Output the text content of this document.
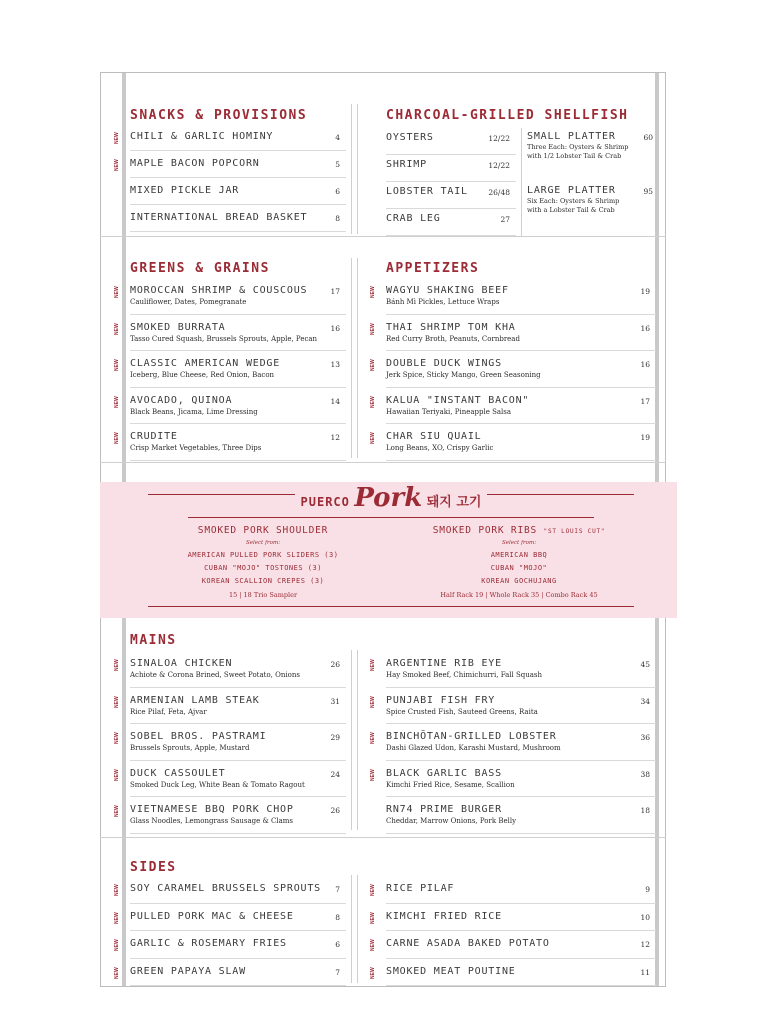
SNACKS & PROVISIONS
NEW CHILI & GARLIC HOMINY	4
NEW MAPLE BACON POPCORN	5
MIXED PICKLE JAR	6
INTERNATIONAL BREAD BASKET	8
CHARCOAL-GRILLED SHELLFISH
OYSTERS	12/22
SHRIMP	12/22
LOBSTER TAIL	26/48
CRAB LEG	27
SMALL PLATTER	60
Three Each: Oysters & Shrimp
with 1/2 Lobster Tail & Crab
LARGE PLATTER	95
Six Each: Oysters & Shrimp
with a Lobster Tail & Crab
GREENS & GRAINS
NEW MOROCCAN SHRIMP & COUSCOUS
Cauliflower, Dates, Pomegranate
17
NEW SMOKED BURRATA
Tasso Cured Squash, Brussels Sprouts, Apple, Pecan
16
NEW CLASSIC AMERICAN WEDGE
Iceberg, Blue Cheese, Red Onion, Bacon
13
NEW AVOCADO, QUINOA
Black Beans, Jicama, Lime Dressing
14
NEW CRUDITE
Crisp Market Vegetables, Three Dips
12
APPETIZERS
NEW WAGYU SHAKING BEEF
Bánh Mì Pickles, Lettuce Wraps
19
NEW THAI SHRIMP TOM KHA
Red Curry Broth, Peanuts, Cornbread
16
NEW DOUBLE DUCK WINGS
Jerk Spice, Sticky Mango, Green Seasoning
16
NEW KALUA "INSTANT BACON"
Hawaiian Teriyaki, Pineapple Salsa
17
NEW CHAR SIU QUAIL
Long Beans, XO, Crispy Garlic
19
PUERCO Pork 돼지 고기
SMOKED PORK SHOULDER
Select from:
AMERICAN PULLED PORK SLIDERS (3)
CUBAN "MOJO" TOSTONES (3)
KOREAN SCALLION CREPES (3)
15 | 18 Trio Sampler
SMOKED PORK RIBS "ST LOUIS CUT"
Select from:
AMERICAN BBQ
CUBAN "MOJO"
KOREAN GOCHUJANG
Half Rack 19 | Whole Rack 35 | Combo Rack 45
MAINS
NEW SINALOA CHICKEN
Achiote & Corona Brined, Sweet Potato, Onions
26
NEW ARMENIAN LAMB STEAK
Rice Pilaf, Feta, Ajvar
31
NEW SOBEL BROS. PASTRAMI
Brussels Sprouts, Apple, Mustard
29
NEW DUCK CASSOULET
Smoked Duck Leg, White Bean & Tomato Ragout
24
NEW VIETNAMESE BBQ PORK CHOP
Glass Noodles, Lemongrass Sausage & Clams
26
NEW ARGENTINE RIB EYE
Hay Smoked Beef, Chimichurri, Fall Squash
45
NEW PUNJABI FISH FRY
Spice Crusted Fish, Sauteed Greens, Raita
34
NEW BINCHŌTAN-GRILLED LOBSTER
Dashi Glazed Udon, Karashi Mustard, Mushroom
36
NEW BLACK GARLIC BASS
Kimchi Fried Rice, Sesame, Scallion
38
RN74 PRIME BURGER
Cheddar, Marrow Onions, Pork Belly
18
SIDES
NEW SOY CARAMEL BRUSSELS SPROUTS 7
NEW PULLED PORK MAC & CHEESE	8
NEW GARLIC & ROSEMARY FRIES	6
NEW GREEN PAPAYA SLAW	7
NEW RICE PILAF	9
NEW KIMCHI FRIED RICE	10
NEW CARNE ASADA BAKED POTATO	12
NEW SMOKED MEAT POUTINE	11
